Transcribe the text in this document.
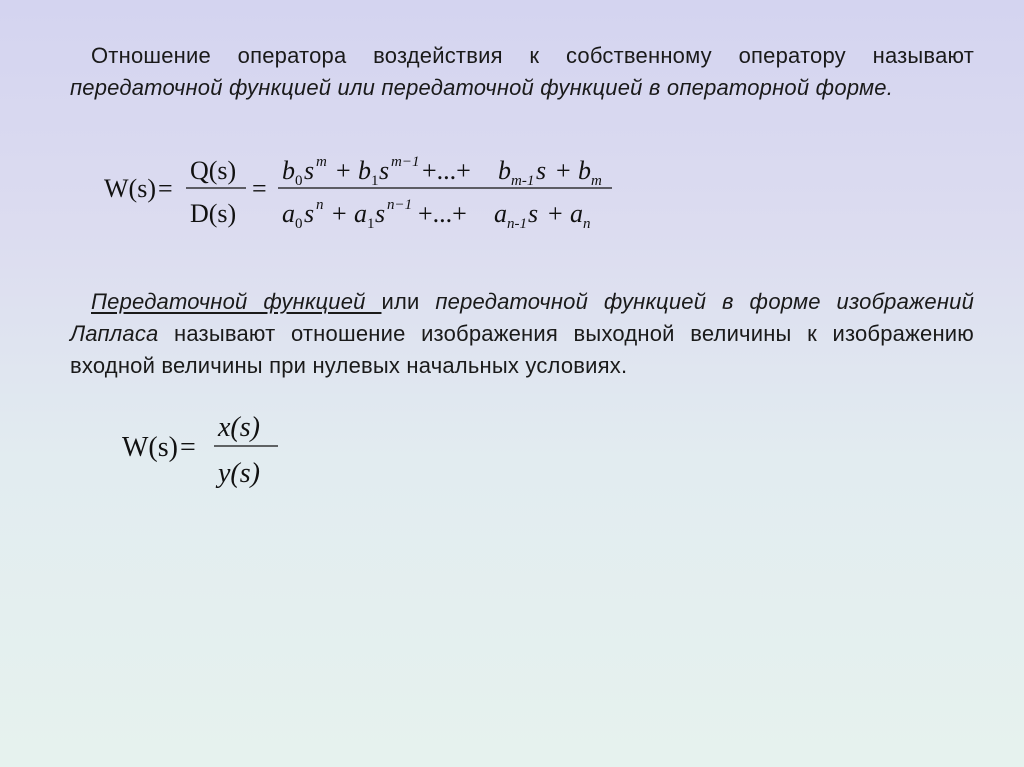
Отношение оператора воздействия к собственному оператору называют передаточной функцией или передаточной функцией в операторной форме.
W(s) =
Q(s)
D(s)
=
b 0 s m + b 1 s m−1 +...+ b m-1 s + b m
a 0 s n + a 1 s n−1 +...+ a n-1 s + a n
Передаточной функцией или передаточной функцией в форме изображений Лапласа называют отношение изображения выходной величины к изображению входной величины при нулевых начальных условиях.
W(s) =
x(s)
y(s)
